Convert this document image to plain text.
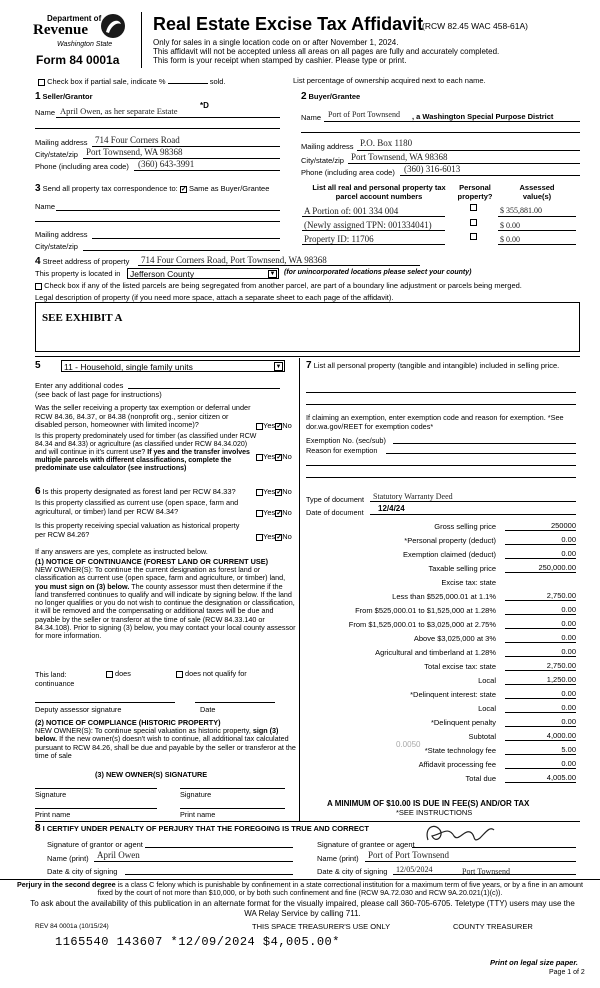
Department of
Revenue
Washington State
Form 84 0001a
Real Estate Excise Tax Affidavit
(RCW 82.45 WAC 458-61A)
Only for sales in a single location code on or after November 1, 2024.
This affidavit will not be accepted unless all areas on all pages are fully and accurately completed.
This form is your receipt when stamped by cashier. Please type or print.
Check box if partial sale, indicate %	sold.	List percentage of ownership acquired next to each name.
1 Seller/Grantor
Name April Owen, as her separate Estate
*D
Mailing address 714 Four Corners Road
City/state/zip Port Townsend, WA 98368
Phone (including area code) (360) 643-3991
2 Buyer/Grantee
Name Port of Port Townsend , a Washington Special Purpose District
Mailing address P.O. Box 1180
City/state/zip Port Townsend, WA 98368
Phone (including area code) (360) 316-6013
3 Send all property tax correspondence to: ✓ Same as Buyer/Grantee
Name
Mailing address
City/state/zip
List all real and personal property tax parcel account numbers
Personal property?
Assessed value(s)
A Portion of: 001 334 004	$ 355,881.00
(Newly assigned TPN: 001334041)	$ 0.00
Property ID: 11706	$ 0.00
4 Street address of property 714 Four Corners Road, Port Townsend, WA 98368
This property is located in Jefferson County	▼ (for unincorporated locations please select your county)
Check box if any of the listed parcels are being segregated from another parcel, are part of a boundary line adjustment or parcels being merged.
Legal description of property (if you need more space, attach a separate sheet to each page of the affidavit).
SEE EXHIBIT A
5	11 - Household, single family units	▼
Enter any additional codes
(see back of last page for instructions)
Was the seller receiving a property tax exemption or deferral under RCW 84.36, 84.37, or 84.38 (nonprofit org., senior citizen or disabled person, homeowner with limited income)?	Yes✓No
Is this property predominately used for timber (as classified under RCW 84.34 and 84.33) or agriculture (as classified under RCW 84.34.020) and will continue in it's current use? If yes and the transfer involves multiple parcels with different classifications, complete the predominate use calculator (see instructions)
Yes✓No
6 Is this property designated as forest land per RCW 84.33?	Yes✓No
Is this property classified as current use (open space, farm and agricultural, or timber) land per RCW 84.34?	Yes✓No
Is this property receiving special valuation as historical property per RCW 84.26?	Yes✓No
If any answers are yes, complete as instructed below.
(1) NOTICE OF CONTINUANCE (FOREST LAND OR CURRENT USE)
NEW OWNER(S): To continue the current designation as forest land or classification as current use (open space, farm and agriculture, or timber) land, you must sign on (3) below. The county assessor must then determine if the land transferred continues to qualify and will indicate by signing below. If the land no longer qualifies or you do not wish to continue the designation or classification, it will be removed and the compensating or additional taxes will be due and payable by the seller or transferor at the time of sale (RCW 84.33.140 or 84.34.108). Prior to signing (3) below, you may contact your local county assessor for more information.
This land:
continuance
does	does not qualify for
Deputy assessor signature	Date
(2) NOTICE OF COMPLIANCE (HISTORIC PROPERTY)
NEW OWNER(S): To continue special valuation as historic property, sign (3) below. If the new owner(s) doesn't wish to continue, all additional tax calculated pursuant to RCW 84.26, shall be due and payable by the seller or transferor at the time of sale
(3) NEW OWNER(S) SIGNATURE
Signature	Signature
Print name	Print name
7 List all personal property (tangible and intangible) included in selling price.
If claiming an exemption, enter exemption code and reason for exemption. *See dor.wa.gov/REET for exemption codes*
Exemption No. (sec/sub)
Reason for exemption
Type of document Statutory Warranty Deed
Date of document 12/4/24
Gross selling price	250000
*Personal property (deduct)	0.00
Exemption claimed (deduct)	0.00
Taxable selling price	250,000.00
Excise tax: state
Less than $525,000.01 at 1.1%	2,750.00
From $525,000.01 to $1,525,000 at 1.28%	0.00
From $1,525,000.01 to $3,025,000 at 2.75%	0.00
Above $3,025,000 at 3%	0.00
Agricultural and timberland at 1.28%	0.00
Total excise tax: state	2,750.00
Local	1,250.00
*Delinquent interest: state	0.00
Local	0.00
*Delinquent penalty	0.00
Subtotal	4,000.00
*State technology fee	5.00
Affidavit processing fee	0.00
Total due	4,005.00
0.0050
A MINIMUM OF $10.00 IS DUE IN FEE(S) AND/OR TAX
*SEE INSTRUCTIONS
8 I CERTIFY UNDER PENALTY OF PERJURY THAT THE FOREGOING IS TRUE AND CORRECT
Signature of grantor or agent
Name (print) April Owen
Date & city of signing
Signature of grantee or agent
Name (print) Port of Port Townsend
Date & city of signing 12/05/2024	Port Townsend
Perjury in the second degree is a class C felony which is punishable by confinement in a state correctional institution for a maximum term of five years, or by a fine in an amount fixed by the court of not more than $10,000, or by both such confinement and fine (RCW 9A.72.030 and RCW 9A.20.021(1)(c)).
To ask about the availability of this publication in an alternate format for the visually impaired, please call 360-705-6705. Teletype (TTY) users may use the WA Relay Service by calling 711.
REV 84 0001a (10/15/24)	THIS SPACE TREASURER'S USE ONLY	COUNTY TREASURER
1165540 143607 *12/09/2024 $4,005.00*
Print on legal size paper.
Page 1 of 2
